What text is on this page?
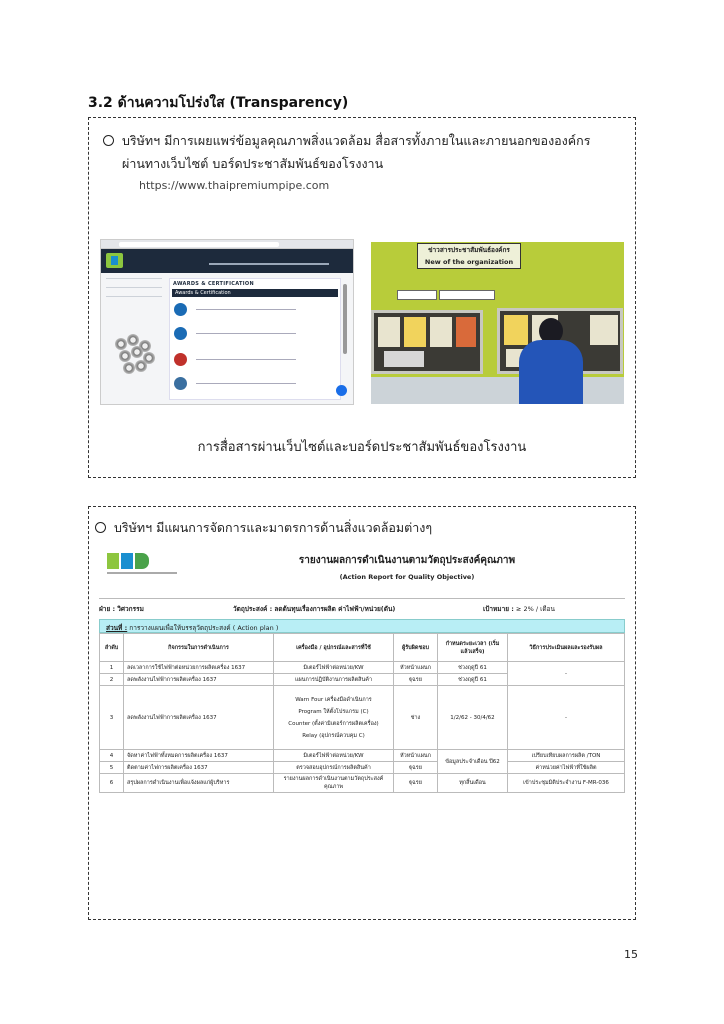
3.2 ด้านความโปร่งใส (Transparency)
บริษัทฯ มีการเผยแพร่ข้อมูลคุณภาพสิ่งแวดล้อม สื่อสารทั้งภายในและภายนอกขององค์กร
ผ่านทางเว็บไซต์ บอร์ดประชาสัมพันธ์ของโรงงาน
https://www.thaipremiumpipe.com
AWARDS & CERTIFICATION
Awards & Certification
ข่าวสารประชาสัมพันธ์องค์กร
New of the organization
การสื่อสารผ่านเว็บไซต์และบอร์ดประชาสัมพันธ์ของโรงงาน
บริษัทฯ มีแผนการจัดการและมาตรการด้านสิ่งแวดล้อมต่างๆ
รายงานผลการดำเนินงานตามวัตถุประสงค์คุณภาพ
(Action Report for Quality Objective)
ฝ่าย : วิศวกรรม	วัตถุประสงค์ : ลดต้นทุนเรื่องการผลิต ค่าไฟฟ้า/หน่วย(ตัน)	เป้าหมาย : ≥ 2% / เดือน
ส่วนที่ : การวางแผนเพื่อให้บรรลุวัตถุประสงค์ ( Action plan )
ลำดับ	กิจกรรมในการดำเนินการ	เครื่องมือ / อุปกรณ์และสารที่ใช้	ผู้รับผิดชอบ	กำหนดระยะเวลา (เริ่ม แล้วเสร็จ)	วิธีการประเมินผลและรองรับผล
1	ลดเวลาการใช้ไฟฟ้าต่อหน่วยการผลิตเครื่อง 1637	มิเตอร์ไฟฟ้าต่อหน่วย/KW	หัวหน้าแผนก	ช่วงฤดูปี 61	-
2	ลดพลังงานไฟฟ้าการผลิตเครื่อง 1637	แผนการปฏิบัติงานการผลิตสินค้า	ฐุฉรย	ช่วงฤดูปี 61	
3	ลดพลังงานไฟฟ้าการผลิตเครื่อง 1637	Warn Four เครื่องมือดำเนินการ
Program ให้ตั้งโปรแกรม (C)
Counter (ตั้งค่ามิเตอร์การผลิตเครื่อง)
Relay (อุปกรณ์ควบคุม C)	ช่าง	1/2/62 - 30/4/62	-
4	จัดหาค่าไฟฟ้าทั้งหมดการผลิตเครื่อง 1637	มิเตอร์ไฟฟ้าต่อหน่วย/KW	หัวหน้าแผนก	ข้อมูลประจำเดือน ปี62	เปรียบเทียบผลการผลิต /TON
5	ติดตามค่าไฟการผลิตเครื่อง 1637	ตรวจสอบอุปกรณ์การผลิตสินค้า	ฐุฉรย		ค่าหน่วยค่าไฟฟ้าที่ใช้ผลิต
6	สรุปผลการดำเนินงานเพื่อแจ้งผลแก่ผู้บริหาร	รายงานผลการดำเนินงานตามวัตถุประสงค์คุณภาพ	ฐุฉรย	ทุกสิ้นเดือน	เข้าประชุมมิติประจำงาน F-MR-036
15
